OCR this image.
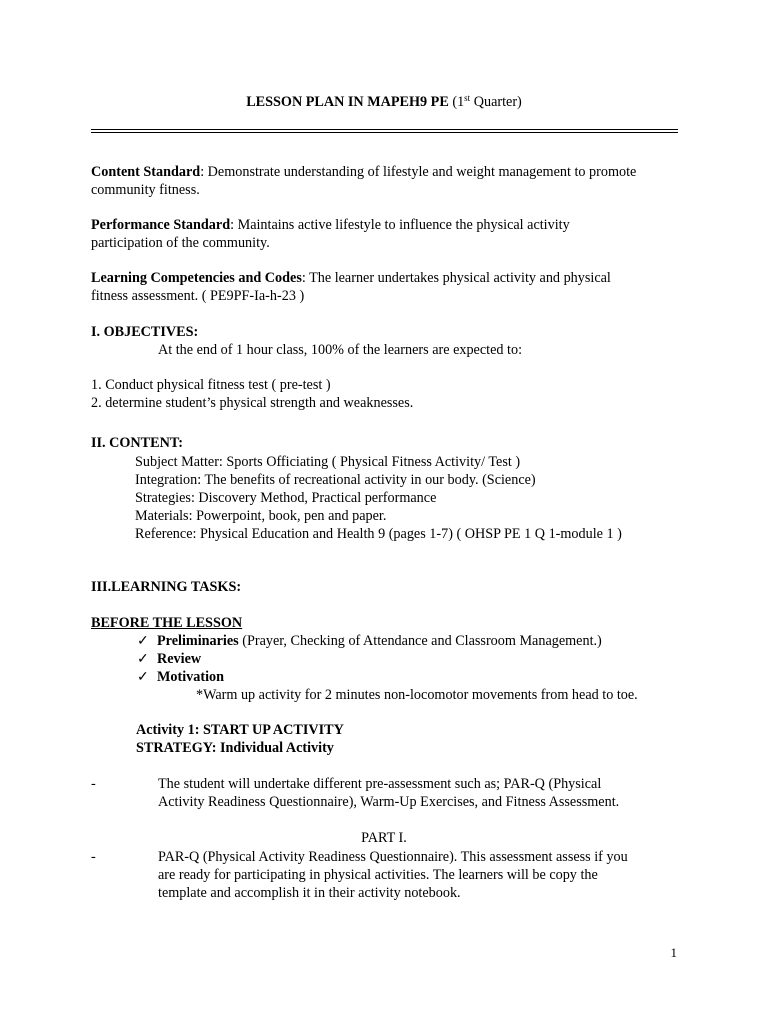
LESSON PLAN IN MAPEH9 PE (1st Quarter)
Content Standard: Demonstrate understanding of lifestyle and weight management to promote
community fitness.
Performance Standard: Maintains active lifestyle to influence the physical activity
participation of the community.
Learning Competencies and Codes: The learner undertakes physical activity and physical
fitness assessment. ( PE9PF-Ia-h-23 )
I. OBJECTIVES:
At the end of 1 hour class, 100% of the learners are expected to:
1. Conduct physical fitness test ( pre-test )
2. determine student’s physical strength and weaknesses.
II. CONTENT:
Subject Matter: Sports Officiating ( Physical Fitness Activity/ Test )
Integration: The benefits of recreational activity in our body. (Science)
Strategies: Discovery Method, Practical performance
Materials: Powerpoint, book, pen and paper.
Reference: Physical Education and Health 9 (pages 1-7) ( OHSP PE 1 Q 1-module 1 )
III.LEARNING TASKS:
BEFORE THE LESSON
✓ Preliminaries (Prayer, Checking of Attendance and Classroom Management.)
✓ Review
✓ Motivation
*Warm up activity for 2 minutes non-locomotor movements from head to toe.
Activity 1: START UP ACTIVITY
STRATEGY: Individual Activity
-	The student will undertake different pre-assessment such as; PAR-Q (Physical
Activity Readiness Questionnaire), Warm-Up Exercises, and Fitness Assessment.
PART I.
-	PAR-Q (Physical Activity Readiness Questionnaire). This assessment assess if you
are ready for participating in physical activities. The learners will be copy the
template and accomplish it in their activity notebook.
1
